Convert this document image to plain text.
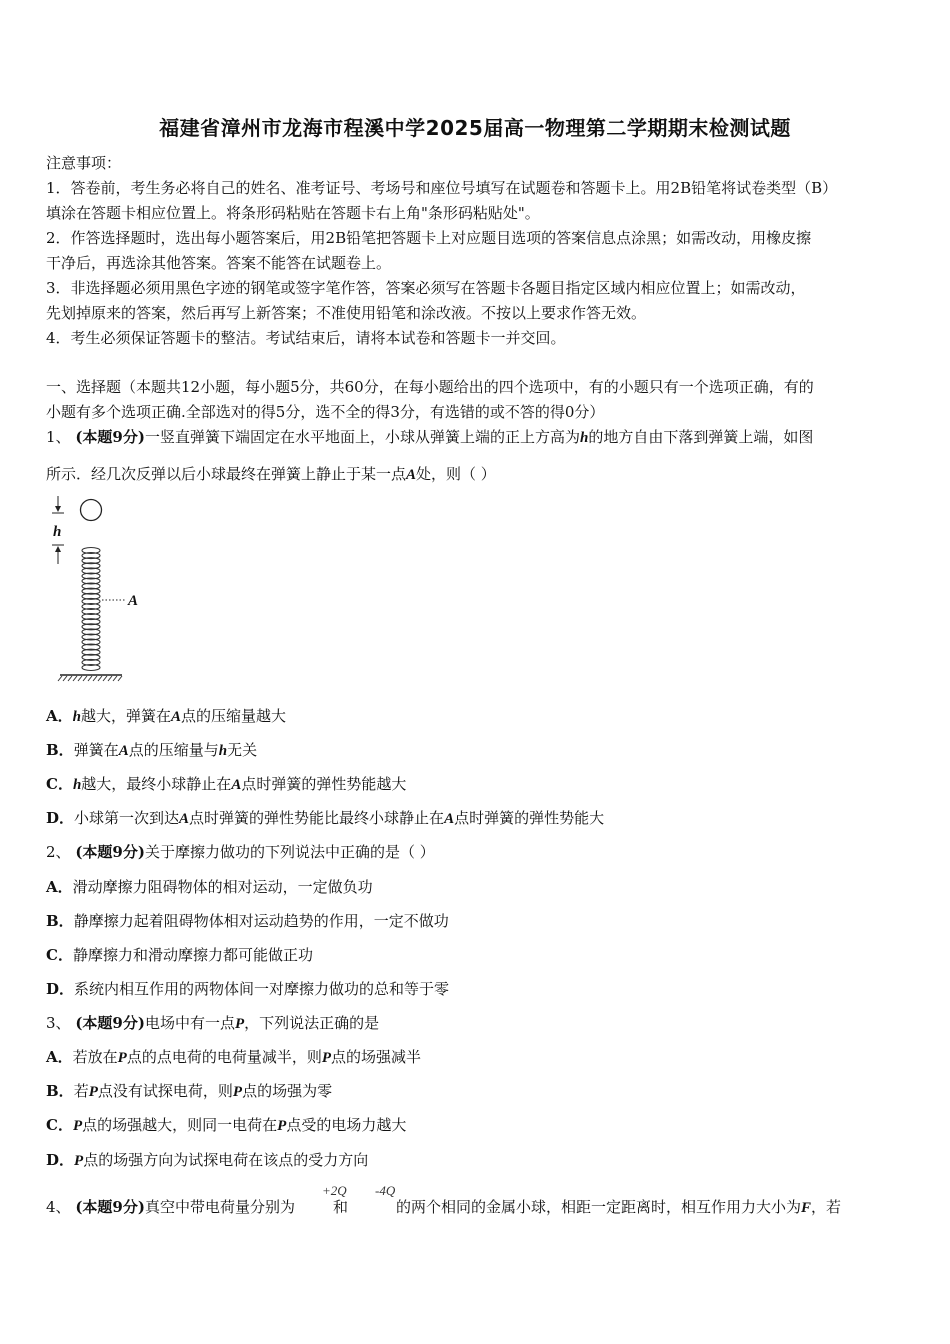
福建省漳州市龙海市程溪中学2025届高一物理第二学期期末检测试题
注意事项：
1．答卷前，考生务必将自己的姓名、准考证号、考场号和座位号填写在试题卷和答题卡上。用2B铅笔将试卷类型（B）
填涂在答题卡相应位置上。将条形码粘贴在答题卡右上角"条形码粘贴处"。
2．作答选择题时，选出每小题答案后，用2B铅笔把答题卡上对应题目选项的答案信息点涂黑；如需改动，用橡皮擦
干净后，再选涂其他答案。答案不能答在试题卷上。
3．非选择题必须用黑色字迹的钢笔或签字笔作答，答案必须写在答题卡各题目指定区域内相应位置上；如需改动，
先划掉原来的答案，然后再写上新答案；不准使用铅笔和涂改液。不按以上要求作答无效。
4．考生必须保证答题卡的整洁。考试结束后，请将本试卷和答题卡一并交回。
一、选择题（本题共12小题，每小题5分，共60分，在每小题给出的四个选项中，有的小题只有一个选项正确，有的
小题有多个选项正确.全部选对的得5分，选不全的得3分，有选错的或不答的得0分）
1、 (本题9分)一竖直弹簧下端固定在水平地面上，小球从弹簧上端的正上方高为h的地方自由下落到弹簧上端，如图
所示．经几次反弹以后小球最终在弹簧上静止于某一点A处，则（ ）
h
A
A．h越大，弹簧在A点的压缩量越大
B．弹簧在A点的压缩量与h无关
C．h越大，最终小球静止在A点时弹簧的弹性势能越大
D．小球第一次到达A点时弹簧的弹性势能比最终小球静止在A点时弹簧的弹性势能大
2、 (本题9分)关于摩擦力做功的下列说法中正确的是（ ）
A．滑动摩擦力阻碍物体的相对运动，一定做负功
B．静摩擦力起着阻碍物体相对运动趋势的作用，一定不做功
C．静摩擦力和滑动摩擦力都可能做正功
D．系统内相互作用的两物体间一对摩擦力做功的总和等于零
3、 (本题9分)电场中有一点P，下列说法正确的是
A．若放在P点的点电荷的电荷量减半，则P点的场强减半
B．若P点没有试探电荷，则P点的场强为零
C．P点的场强越大，则同一电荷在P点受的电场力越大
D．P点的场强方向为试探电荷在该点的受力方向
4、 (本题9分)真空中带电荷量分别为	和	的两个相同的金属小球，相距一定距离时，相互作用力大小为F，若
+2Q -4Q
